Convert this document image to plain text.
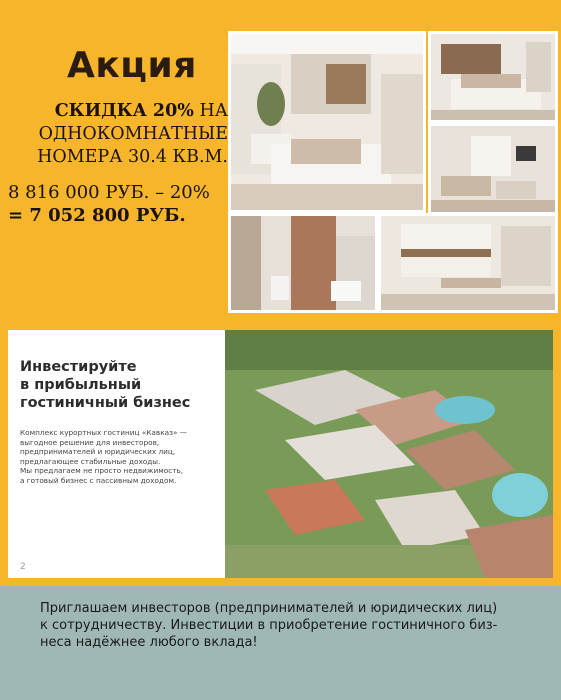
Акция
СКИДКА 20% НА
ОДНОКОМНАТНЫЕ
НОМЕРА 30.4 КВ.М.
8 816 000 РУБ. – 20%
= 7 052 800 РУБ.
Инвестируйте
в прибыльный
гостиничный бизнес
Комплекс курортных гостиниц «Кавказ» —
выгодное решение для инвесторов,
предпринимателей и юридических лиц,
предлагающее стабильные доходы.
Мы предлагаем не просто недвижимость,
а готовый бизнес с пассивным доходом.
2
Приглашаем инвесторов (предпринимателей и юридических лиц)
к сотрудничеству. Инвестиции в приобретение гостиничного биз-
неса надёжнее любого вклада!
